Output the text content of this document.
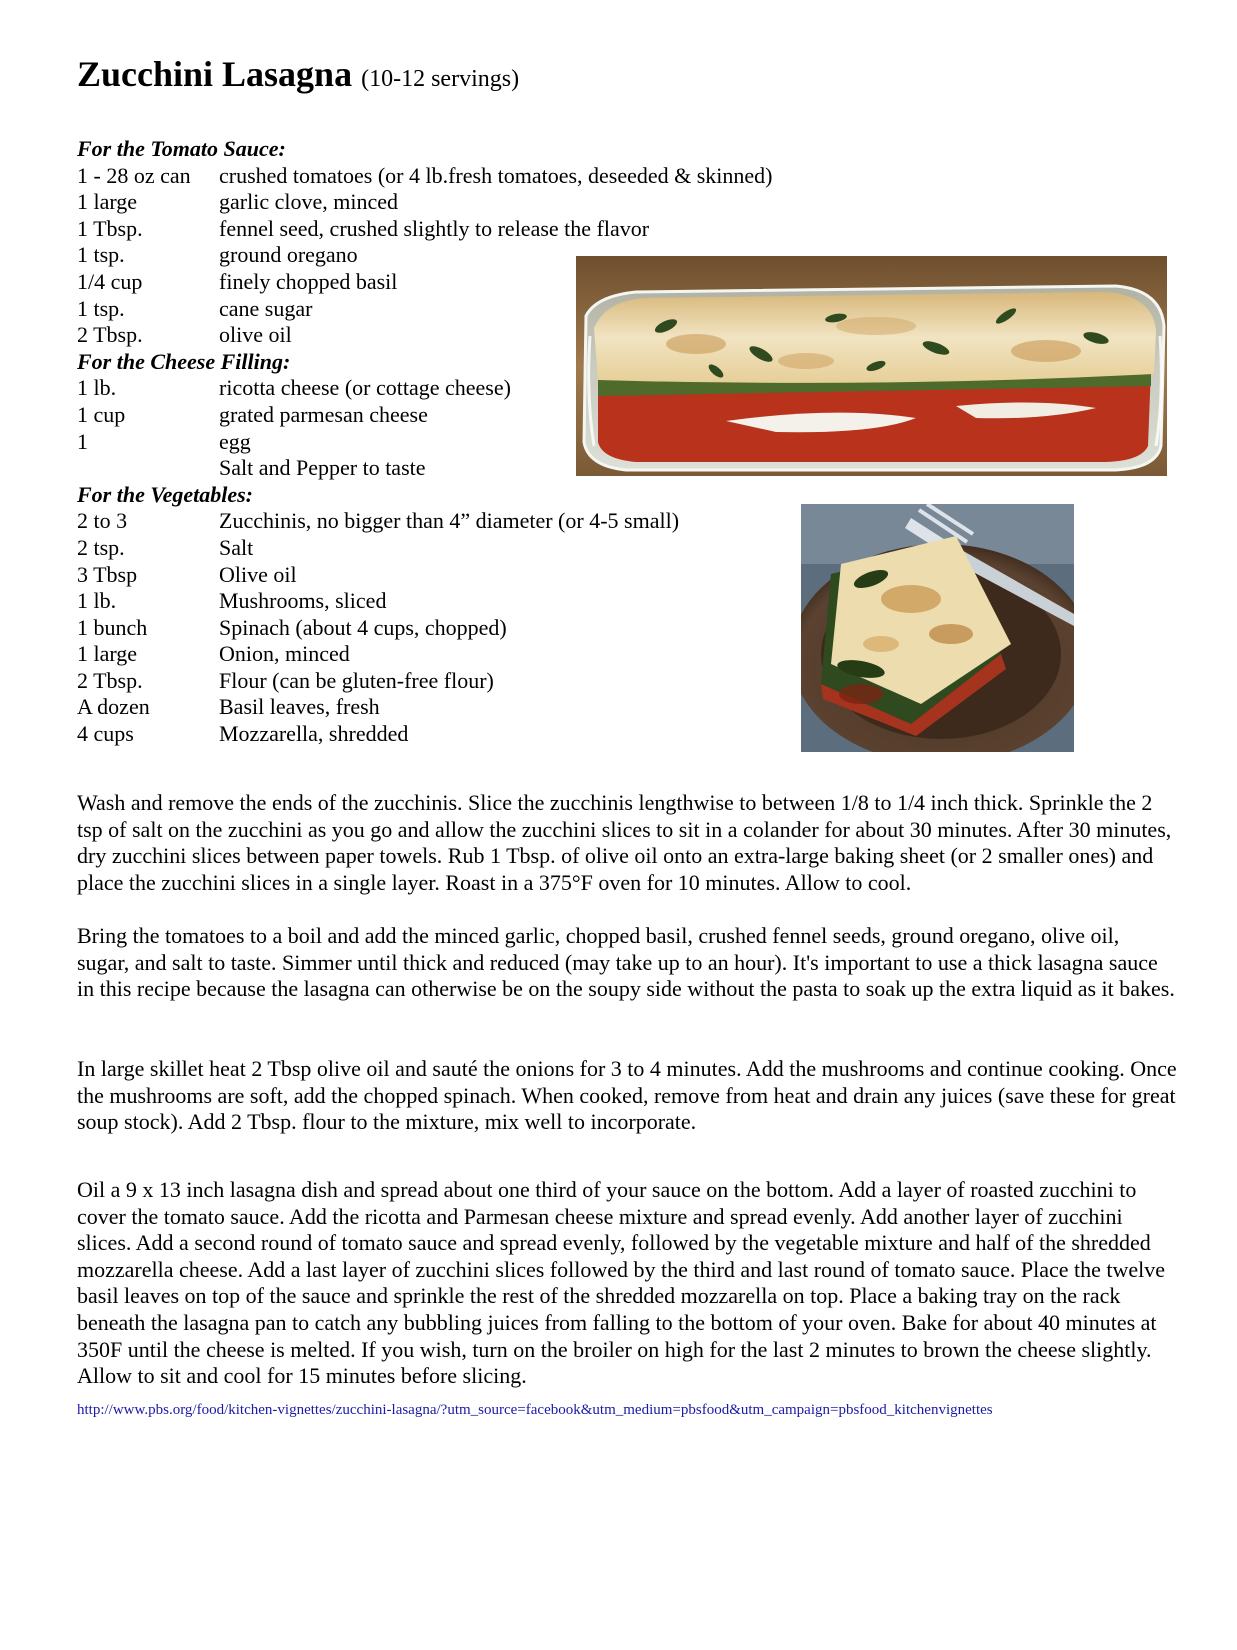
Zucchini Lasagna (10-12 servings)
For the Tomato Sauce:
1 - 28 oz can crushed tomatoes (or 4 lb.fresh tomatoes, deseeded & skinned)
1 large	garlic clove, minced
1 Tbsp.	fennel seed, crushed slightly to release the flavor
1 tsp.	ground oregano
1/4 cup	finely chopped basil
1 tsp.	cane sugar
2 Tbsp.	olive oil
For the Cheese Filling:
1 lb.	ricotta cheese (or cottage cheese)
1 cup	grated parmesan cheese
1	egg
Salt and Pepper to taste
For the Vegetables:
2 to 3	Zucchinis, no bigger than 4” diameter (or 4-5 small)
2 tsp.	Salt
3 Tbsp	Olive oil
1 lb.	Mushrooms, sliced
1 bunch	Spinach (about 4 cups, chopped)
1 large	Onion, minced
2 Tbsp.	Flour (can be gluten-free flour)
A dozen	Basil leaves, fresh
4 cups	Mozzarella, shredded

Wash and remove the ends of the zucchinis. Slice the zucchinis lengthwise to between 1/8 to 1/4 inch thick. Sprinkle the 2 tsp of salt on the zucchini as you go and allow the zucchini slices to sit in a colander for about 30 minutes. After 30 minutes, dry zucchini slices between paper towels. Rub 1 Tbsp. of olive oil onto an extra-large baking sheet (or 2 smaller ones) and place the zucchini slices in a single layer. Roast in a 375°F oven for 10 minutes. Allow to cool.

Bring the tomatoes to a boil and add the minced garlic, chopped basil, crushed fennel seeds, ground oregano, olive oil, sugar, and salt to taste. Simmer until thick and reduced (may take up to an hour). It's important to use a thick lasagna sauce in this recipe because the lasagna can otherwise be on the soupy side without the pasta to soak up the extra liquid as it bakes.

In large skillet heat 2 Tbsp olive oil and sauté the onions for 3 to 4 minutes. Add the mushrooms and continue cooking. Once the mushrooms are soft, add the chopped spinach. When cooked, remove from heat and drain any juices (save these for great soup stock). Add 2 Tbsp. flour to the mixture, mix well to incorporate.

Oil a 9 x 13 inch lasagna dish and spread about one third of your sauce on the bottom. Add a layer of roasted zucchini to cover the tomato sauce. Add the ricotta and Parmesan cheese mixture and spread evenly. Add another layer of zucchini slices. Add a second round of tomato sauce and spread evenly, followed by the vegetable mixture and half of the shredded mozzarella cheese. Add a last layer of zucchini slices followed by the third and last round of tomato sauce. Place the twelve basil leaves on top of the sauce and sprinkle the rest of the shredded mozzarella on top. Place a baking tray on the rack beneath the lasagna pan to catch any bubbling juices from falling to the bottom of your oven. Bake for about 40 minutes at 350F until the cheese is melted. If you wish, turn on the broiler on high for the last 2 minutes to brown the cheese slightly. Allow to sit and cool for 15 minutes before slicing.

http://www.pbs.org/food/kitchen-vignettes/zucchini-lasagna/?utm_source=facebook&utm_medium=pbsfood&utm_campaign=pbsfood_kitchenvignettes
